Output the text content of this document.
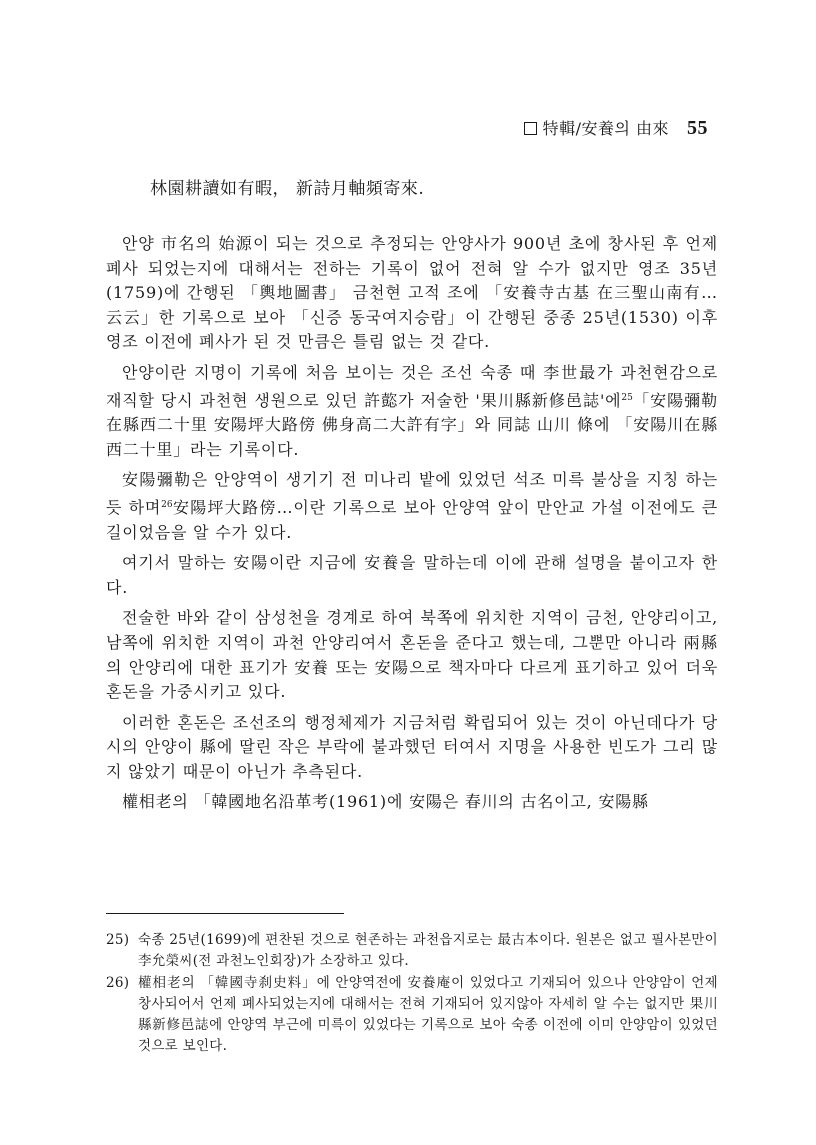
特輯/安養의 由來 55
林園耕讀如有暇， 新詩月軸頻寄來.

안양 市名의 始源이 되는 것으로 추정되는 안양사가 900년 초에 창사된 후 언제 폐사 되었는지에 대해서는 전하는 기록이 없어 전혀 알 수가 없지만 영조 35년(1759)에 간행된 「輿地圖書」 금천현 고적 조에 「安養寺古基 在三聖山南有…云云」한 기록으로 보아 「신증 동국여지승람」이 간행된 중종 25년(1530) 이후 영조 이전에 폐사가 된 것 만큼은 틀림 없는 것 같다.

안양이란 지명이 기록에 처음 보이는 것은 조선 숙종 때 李世最가 과천현감으로 재직할 당시 과천현 생원으로 있던 許㦤가 저술한 '果川縣新修邑誌'에$^{25}$「安陽彌勒在縣西二十里 安陽坪大路傍 佛身高二大許有字」와 同誌 山川 條에 「安陽川在縣西二十里」라는 기록이다.

安陽彌勒은 안양역이 생기기 전 미나리 밭에 있었던 석조 미륵 불상을 지칭 하는듯 하며$^{26}$安陽坪大路傍…이란 기록으로 보아 안양역 앞이 만안교 가설 이전에도 큰 길이었음을 알 수가 있다.

여기서 말하는 安陽이란 지금에 安養을 말하는데 이에 관해 설명을 붙이고자 한다.

전술한 바와 같이 삼성천을 경계로 하여 북쪽에 위치한 지역이 금천, 안양리이고, 남쪽에 위치한 지역이 과천 안양리여서 혼돈을 준다고 했는데, 그뿐만 아니라 兩縣의 안양리에 대한 표기가 安養 또는 安陽으로 책자마다 다르게 표기하고 있어 더욱 혼돈을 가중시키고 있다.

이러한 혼돈은 조선조의 행정체제가 지금처럼 확립되어 있는 것이 아닌데다가 당시의 안양이 縣에 딸린 작은 부락에 불과했던 터여서 지명을 사용한 빈도가 그리 많지 않았기 때문이 아닌가 추측된다.

權相老의 「韓國地名沿革考(1961)에 安陽은 春川의 古名이고, 安陽縣

25) 숙종 25년(1699)에 편찬된 것으로 현존하는 과천읍지로는 最古本이다. 원본은 없고 필사본만이 李允榮씨(전 과천노인회장)가 소장하고 있다.
26) 權相老의 「韓國寺刹史料」에 안양역전에 安養庵이 있었다고 기재되어 있으나 안양암이 언제 창사되어서 언제 폐사되었는지에 대해서는 전혀 기재되어 있지않아 자세히 알 수는 없지만 果川縣新修邑誌에 안양역 부근에 미륵이 있었다는 기록으로 보아 숙종 이전에 이미 안양암이 있었던 것으로 보인다.
